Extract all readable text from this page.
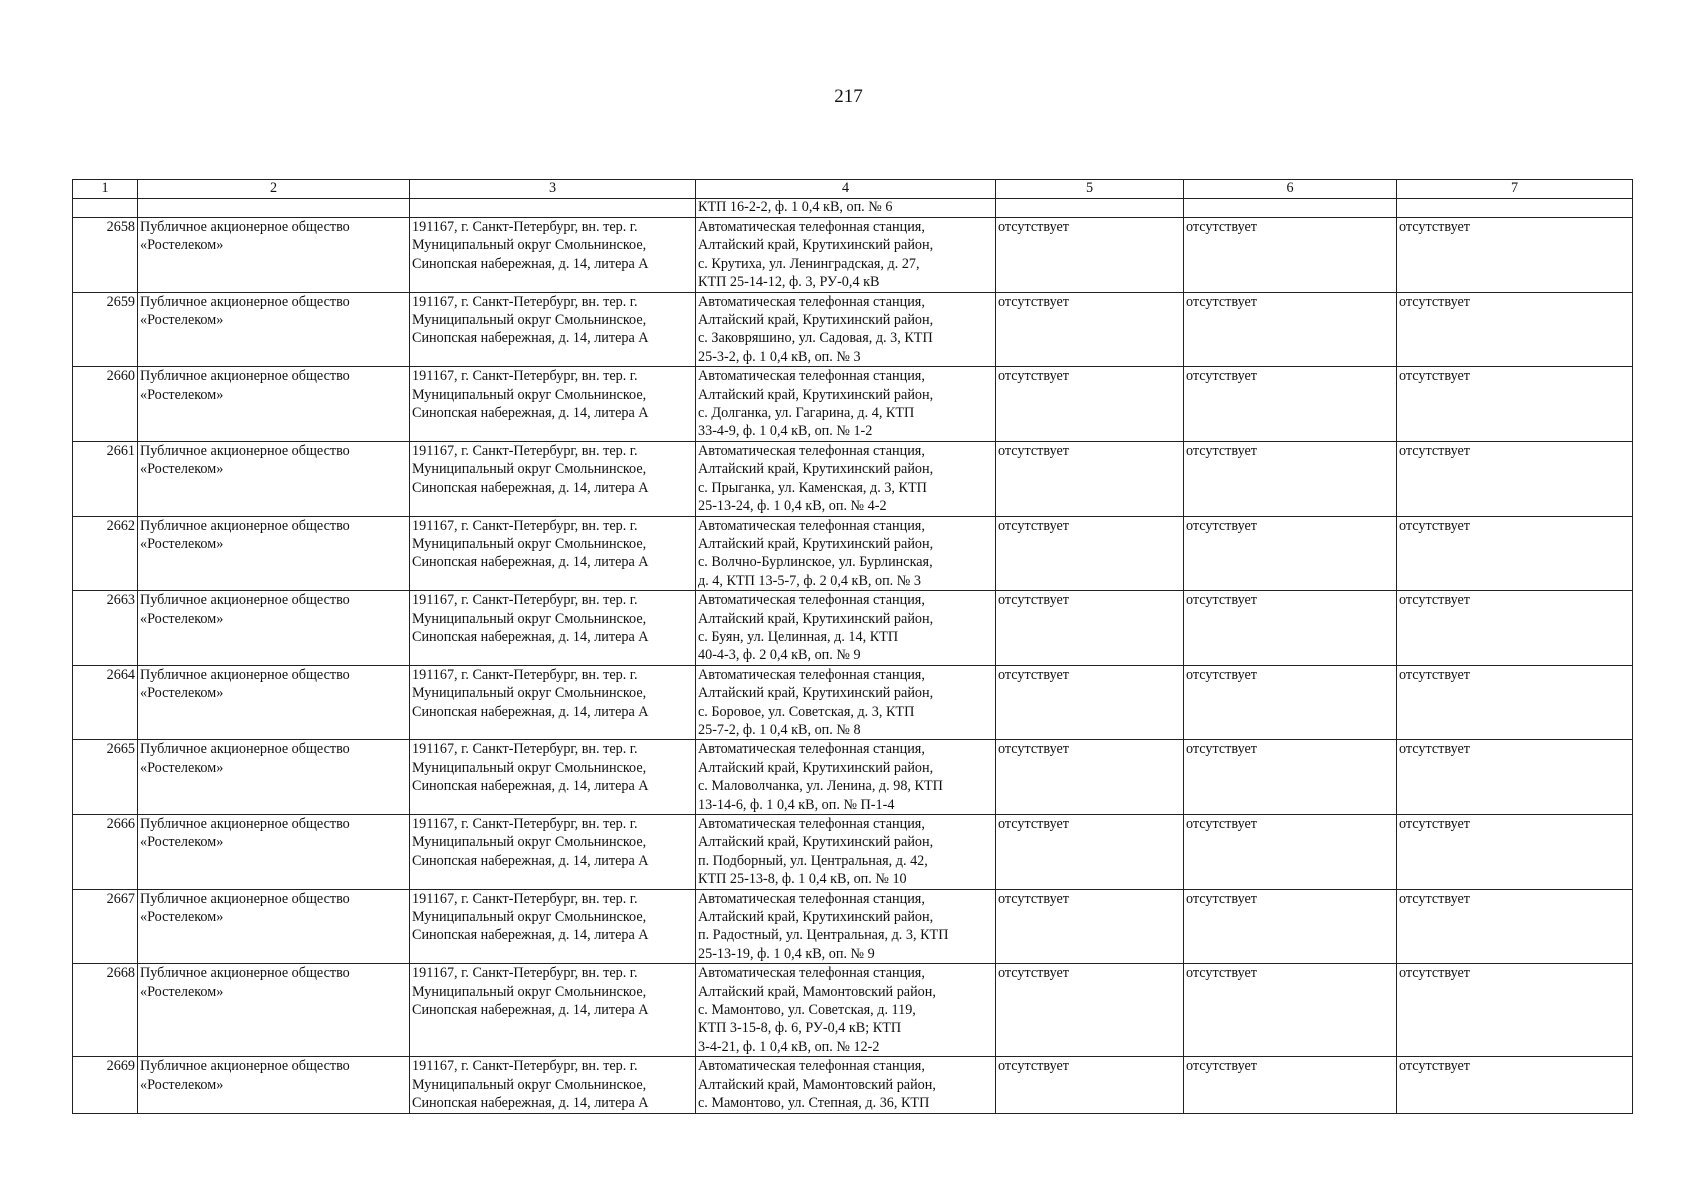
217
1	2	3	4	5	6	7
			КТП 16-2-2, ф. 1 0,4 кВ, оп. № 6			

2658	Публичное акционерное общество
«Ростелеком»	191167, г. Санкт-Петербург, вн. тер. г.
Муниципальный округ Смольнинское,
Синопская набережная, д. 14, литера А	Автоматическая телефонная станция,
Алтайский край, Крутихинский район,
с. Крутиха, ул. Ленинградская, д. 27,
КТП 25-14-12, ф. 3, РУ-0,4 кВ	отсутствует	отсутствует	отсутствует

2659	Публичное акционерное общество
«Ростелеком»	191167, г. Санкт-Петербург, вн. тер. г.
Муниципальный округ Смольнинское,
Синопская набережная, д. 14, литера А	Автоматическая телефонная станция,
Алтайский край, Крутихинский район,
с. Заковряшино, ул. Садовая, д. 3, КТП
25-3-2, ф. 1 0,4 кВ, оп. № 3	отсутствует	отсутствует	отсутствует

2660	Публичное акционерное общество
«Ростелеком»	191167, г. Санкт-Петербург, вн. тер. г.
Муниципальный округ Смольнинское,
Синопская набережная, д. 14, литера А	Автоматическая телефонная станция,
Алтайский край, Крутихинский район,
с. Долганка, ул. Гагарина, д. 4, КТП
33-4-9, ф. 1 0,4 кВ, оп. № 1-2	отсутствует	отсутствует	отсутствует

2661	Публичное акционерное общество
«Ростелеком»	191167, г. Санкт-Петербург, вн. тер. г.
Муниципальный округ Смольнинское,
Синопская набережная, д. 14, литера А	Автоматическая телефонная станция,
Алтайский край, Крутихинский район,
с. Прыганка, ул. Каменская, д. 3, КТП
25-13-24, ф. 1 0,4 кВ, оп. № 4-2	отсутствует	отсутствует	отсутствует

2662	Публичное акционерное общество
«Ростелеком»	191167, г. Санкт-Петербург, вн. тер. г.
Муниципальный округ Смольнинское,
Синопская набережная, д. 14, литера А	Автоматическая телефонная станция,
Алтайский край, Крутихинский район,
с. Волчно-Бурлинское, ул. Бурлинская,
д. 4, КТП 13-5-7, ф. 2 0,4 кВ, оп. № 3	отсутствует	отсутствует	отсутствует

2663	Публичное акционерное общество
«Ростелеком»	191167, г. Санкт-Петербург, вн. тер. г.
Муниципальный округ Смольнинское,
Синопская набережная, д. 14, литера А	Автоматическая телефонная станция,
Алтайский край, Крутихинский район,
с. Буян, ул. Целинная, д. 14, КТП
40-4-3, ф. 2 0,4 кВ, оп. № 9	отсутствует	отсутствует	отсутствует

2664	Публичное акционерное общество
«Ростелеком»	191167, г. Санкт-Петербург, вн. тер. г.
Муниципальный округ Смольнинское,
Синопская набережная, д. 14, литера А	Автоматическая телефонная станция,
Алтайский край, Крутихинский район,
с. Боровое, ул. Советская, д. 3, КТП
25-7-2, ф. 1 0,4 кВ, оп. № 8	отсутствует	отсутствует	отсутствует

2665	Публичное акционерное общество
«Ростелеком»	191167, г. Санкт-Петербург, вн. тер. г.
Муниципальный округ Смольнинское,
Синопская набережная, д. 14, литера А	Автоматическая телефонная станция,
Алтайский край, Крутихинский район,
с. Маловолчанка, ул. Ленина, д. 98, КТП
13-14-6, ф. 1 0,4 кВ, оп. № П-1-4	отсутствует	отсутствует	отсутствует

2666	Публичное акционерное общество
«Ростелеком»	191167, г. Санкт-Петербург, вн. тер. г.
Муниципальный округ Смольнинское,
Синопская набережная, д. 14, литера А	Автоматическая телефонная станция,
Алтайский край, Крутихинский район,
п. Подборный, ул. Центральная, д. 42,
КТП 25-13-8, ф. 1 0,4 кВ, оп. № 10	отсутствует	отсутствует	отсутствует

2667	Публичное акционерное общество
«Ростелеком»	191167, г. Санкт-Петербург, вн. тер. г.
Муниципальный округ Смольнинское,
Синопская набережная, д. 14, литера А	Автоматическая телефонная станция,
Алтайский край, Крутихинский район,
п. Радостный, ул. Центральная, д. 3, КТП
25-13-19, ф. 1 0,4 кВ, оп. № 9	отсутствует	отсутствует	отсутствует

2668	Публичное акционерное общество
«Ростелеком»	191167, г. Санкт-Петербург, вн. тер. г.
Муниципальный округ Смольнинское,
Синопская набережная, д. 14, литера А	Автоматическая телефонная станция,
Алтайский край, Мамонтовский район,
с. Мамонтово, ул. Советская, д. 119,
КТП 3-15-8, ф. 6, РУ-0,4 кВ; КТП
3-4-21, ф. 1 0,4 кВ, оп. № 12-2	отсутствует	отсутствует	отсутствует

2669	Публичное акционерное общество
«Ростелеком»	191167, г. Санкт-Петербург, вн. тер. г.
Муниципальный округ Смольнинское,
Синопская набережная, д. 14, литера А	Автоматическая телефонная станция,
Алтайский край, Мамонтовский район,
с. Мамонтово, ул. Степная, д. 36, КТП	отсутствует	отсутствует	отсутствует
